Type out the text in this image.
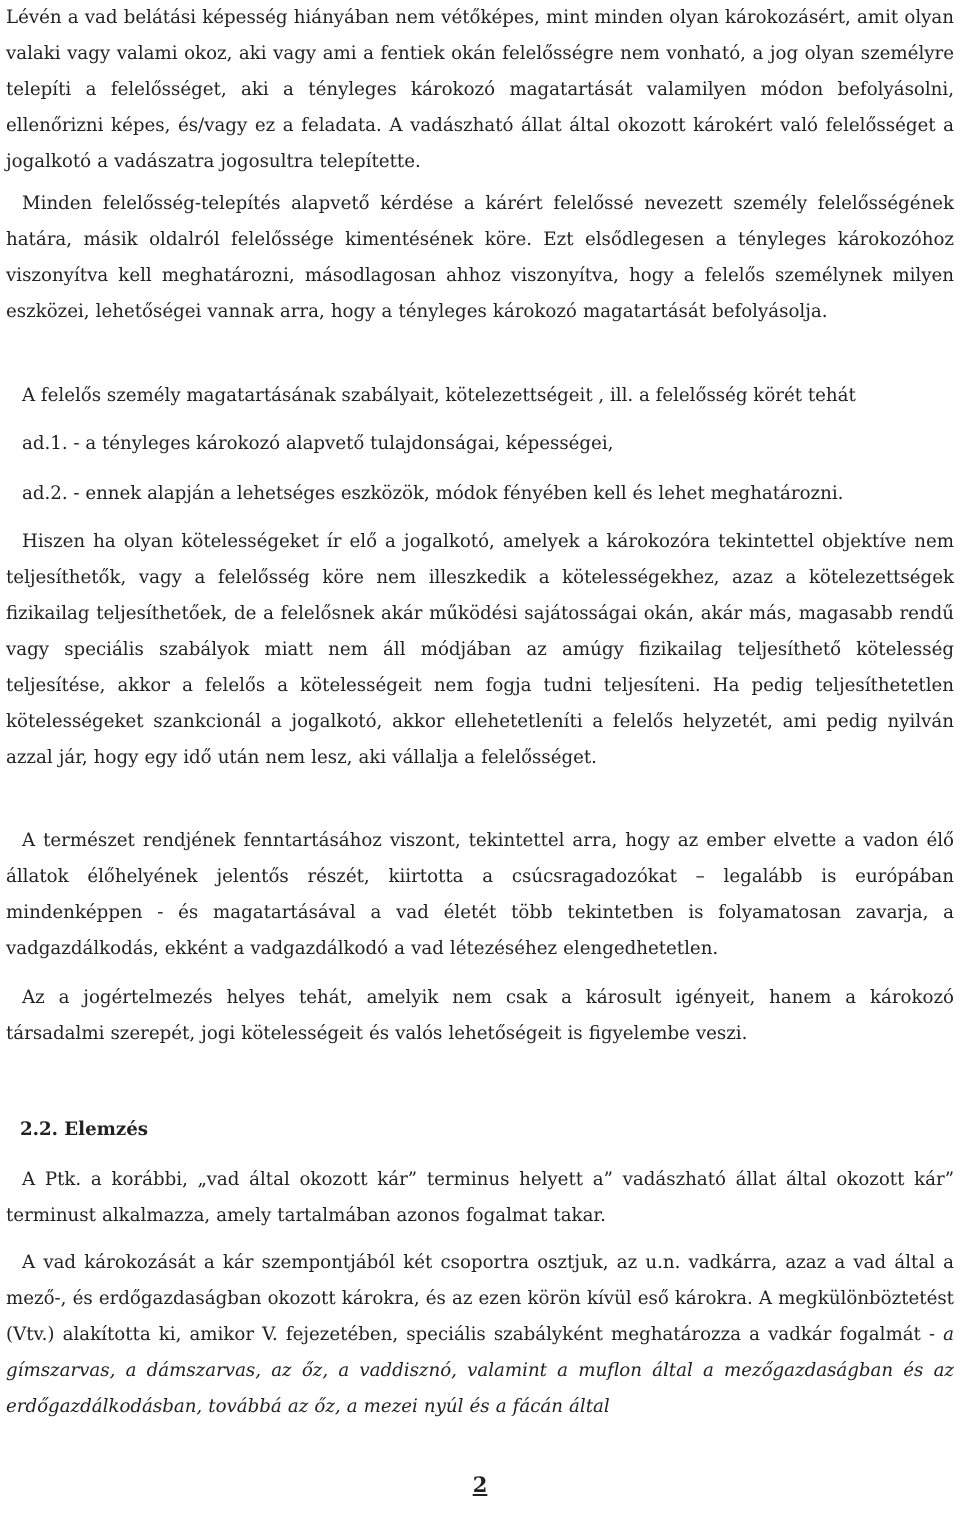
Lévén a vad belátási képesség hiányában nem vétőképes, mint minden olyan károkozásért, amit olyan valaki vagy valami okoz, aki vagy ami a fentiek okán felelősségre nem vonható, a jog olyan személyre telepíti a felelősséget, aki a tényleges károkozó magatartását valamilyen módon befolyásolni, ellenőrizni képes, és/vagy ez a feladata. A vadászható állat által okozott károkért való felelősséget a jogalkotó a vadászatra jogosultra telepítette.

Minden felelősség-telepítés alapvető kérdése a kárért felelőssé nevezett személy felelősségének határa, másik oldalról felelőssége kimentésének köre. Ezt elsődlegesen a tényleges károkozóhoz viszonyítva kell meghatározni, másodlagosan ahhoz viszonyítva, hogy a felelős személynek milyen eszközei, lehetőségei vannak arra, hogy a tényleges károkozó magatartását befolyásolja.

A felelős személy magatartásának szabályait, kötelezettségeit , ill. a felelősség körét tehát

ad.1. - a tényleges károkozó alapvető tulajdonságai, képességei,

ad.2. - ennek alapján a lehetséges eszközök, módok fényében kell és lehet meghatározni.

Hiszen ha olyan kötelességeket ír elő a jogalkotó, amelyek a károkozóra tekintettel objektíve nem teljesíthetők, vagy a felelősség köre nem illeszkedik a kötelességekhez, azaz a kötelezettségek fizikailag teljesíthetőek, de a felelősnek akár működési sajátosságai okán, akár más, magasabb rendű vagy speciális szabályok miatt nem áll módjában az amúgy fizikailag teljesíthető kötelesség teljesítése, akkor a felelős a kötelességeit nem fogja tudni teljesíteni. Ha pedig teljesíthetetlen kötelességeket szankcionál a jogalkotó, akkor ellehetetleníti a felelős helyzetét, ami pedig nyilván azzal jár, hogy egy idő után nem lesz, aki vállalja a felelősséget.

A természet rendjének fenntartásához viszont, tekintettel arra, hogy az ember elvette a vadon élő állatok élőhelyének jelentős részét, kiirtotta a csúcsragadozókat – legalább is európában mindenképpen - és magatartásával a vad életét több tekintetben is folyamatosan zavarja, a vadgazdálkodás, ekként a vadgazdálkodó a vad létezéséhez elengedhetetlen.

Az a jogértelmezés helyes tehát, amelyik nem csak a károsult igényeit, hanem a károkozó társadalmi szerepét, jogi kötelességeit és valós lehetőségeit is figyelembe veszi.

2.2. Elemzés

A Ptk. a korábbi, „vad által okozott kár” terminus helyett a” vadászható állat által okozott kár” terminust alkalmazza, amely tartalmában azonos fogalmat takar.

A vad károkozását a kár szempontjából két csoportra osztjuk, az u.n. vadkárra, azaz a vad által a mező-, és erdőgazdaságban okozott károkra, és az ezen körön kívül eső károkra. A megkülönböztetést (Vtv.) alakította ki, amikor V. fejezetében, speciális szabályként meghatározza a vadkár fogalmát - a gímszarvas, a dámszarvas, az őz, a vaddisznó, valamint a muflon által a mezőgazdaságban és az erdőgazdálkodásban, továbbá az őz, a mezei nyúl és a fácán által

2
